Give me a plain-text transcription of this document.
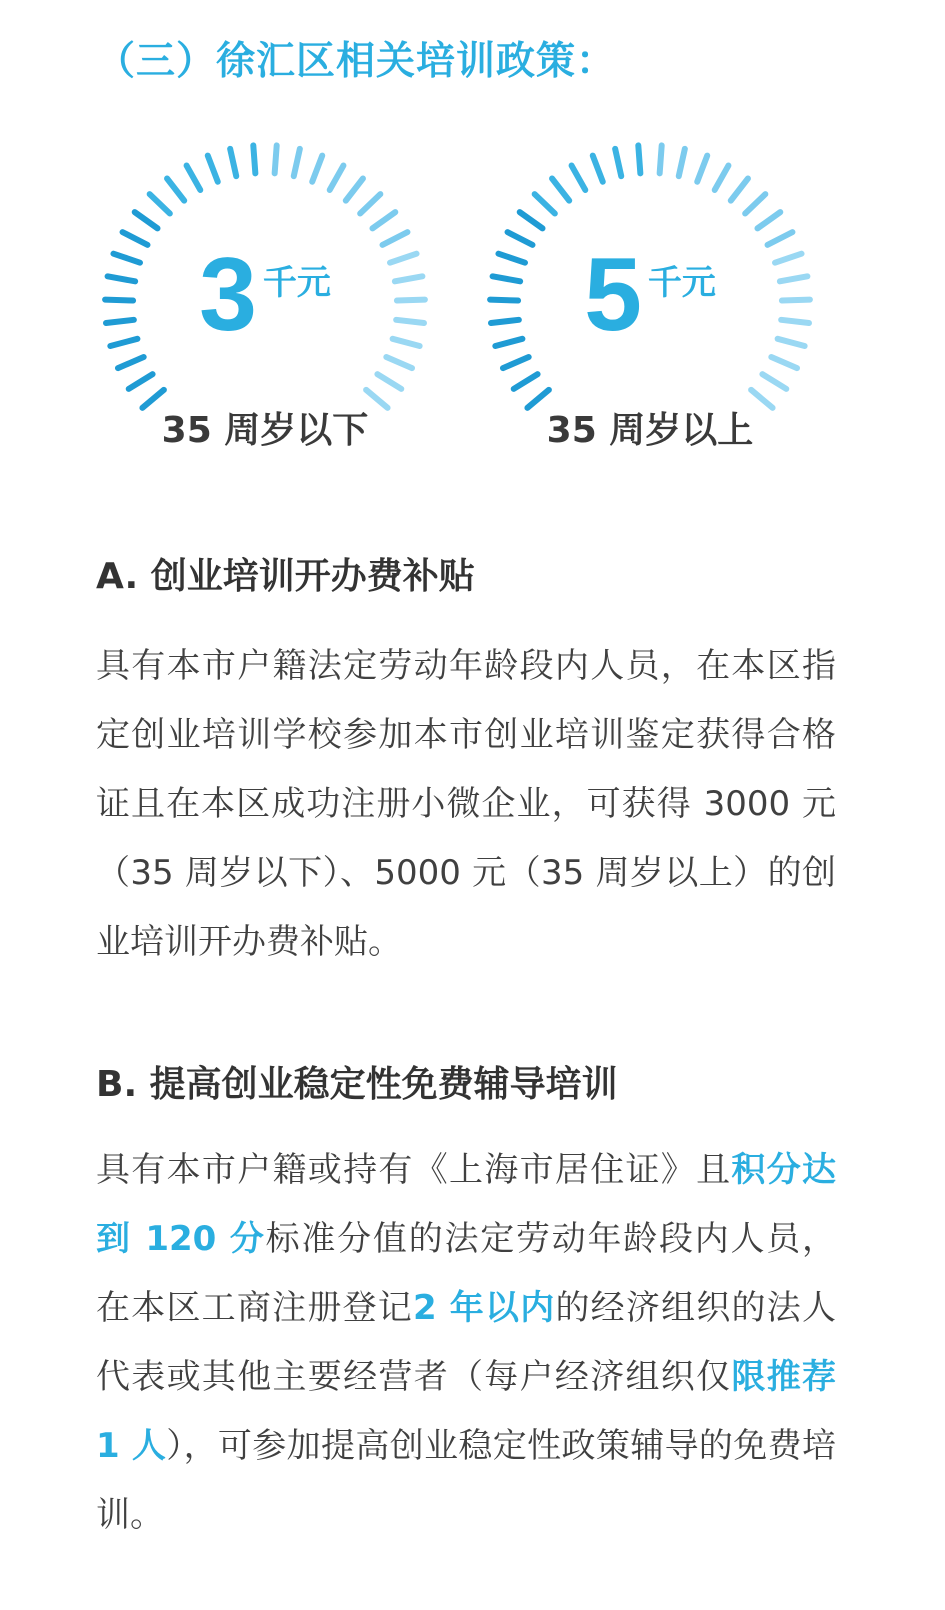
（三）徐汇区相关培训政策：
3 千元
35 周岁以下
5 千元
35 周岁以上
A. 创业培训开办费补贴

具有本市户籍法定劳动年龄段内人员，在本区指定创业培训学校参加本市创业培训鉴定获得合格证且在本区成功注册小微企业，可获得 3000 元（35 周岁以下）、5000 元（35 周岁以上）的创业培训开办费补贴。

B. 提高创业稳定性免费辅导培训

具有本市户籍或持有《上海市居住证》且积分达到 120 分标准分值的法定劳动年龄段内人员，在本区工商注册登记2 年以内的经济组织的法人代表或其他主要经营者（每户经济组织仅限推荐 1 人），可参加提高创业稳定性政策辅导的免费培训。
